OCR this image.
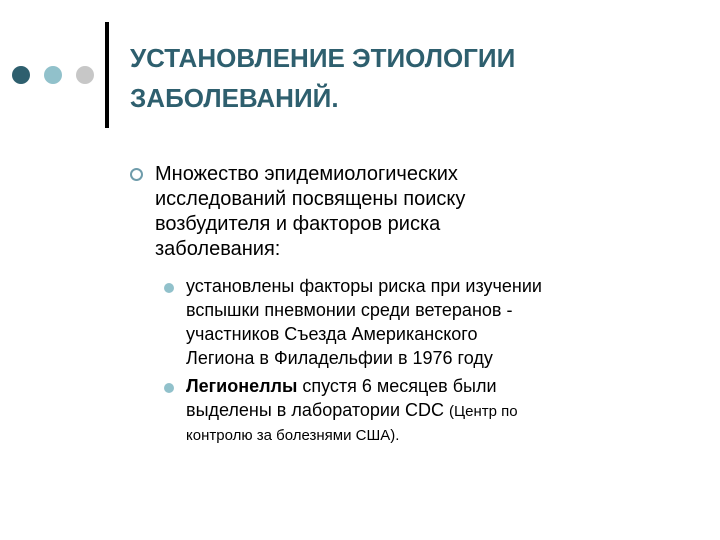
УСТАНОВЛЕНИЕ ЭТИОЛОГИИ
ЗАБОЛЕВАНИЙ.
Множество эпидемиологических
исследований посвящены поиску
возбудителя и факторов риска
заболевания:
установлены факторы риска при изучении
вспышки пневмонии среди ветеранов -
участников Съезда Американского
Легиона в Филадельфии в 1976 году
Легионеллы спустя 6 месяцев были
выделены в лаборатории CDC (Центр по
контролю за болезнями США).
